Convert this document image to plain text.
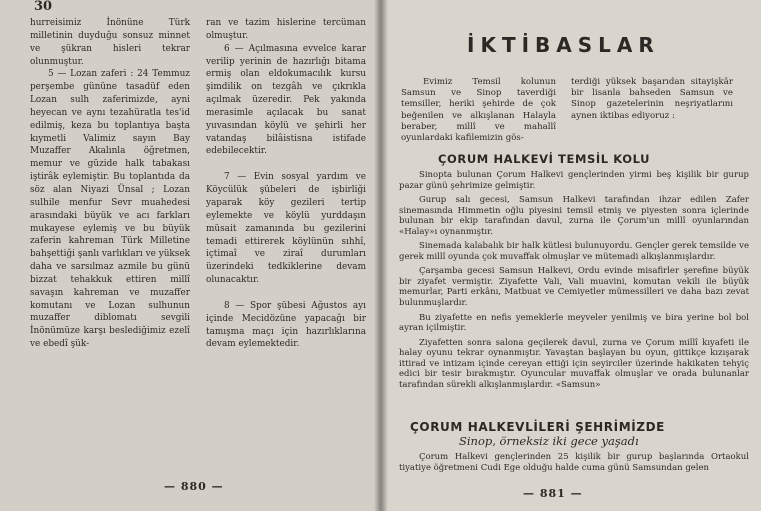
30

hurreisimiz İnönüne Türk milletinin duyduğu sonsuz minnet ve şükran hisleri tekrar olunmuştur.

5 — Lozan zaferi : 24 Temmuz perşembe gününe tasadüf eden Lozan sulh zaferimizde, ayni heyecan ve aynı tezahüratla tes'id edilmiş, keza bu toplantıya başta kıymetli Valimiz sayın Bay Muzaffer Akalınla öğretmen, memur ve güzide halk tabakası iştirâk eylemiştir. Bu toplantıda da söz alan Niyazi Ünsal ; Lozan sulhile menfur Sevr muahedesi arasındaki büyük ve acı farkları mukayese eylemiş ve bu büyük zaferin kahreman Türk Milletine bahşettiği şanlı varlıkları ve yüksek daha ve sarsılmaz azmile bu günü bizzat tehakkuk ettiren millî savaşın kahreman ve muzaffer komutanı ve Lozan sulhunun muzaffer diblomatı sevgili İnönümüze karşı beslediğimiz ezelî ve ebedî şük-

ran ve tazim hislerine tercüman olmuştur.

6 — Açılmasına evvelce karar verilip yerinin de hazırlığı bitama ermiş olan eldokumacılık kursu şimdilik on tezgâh ve çıkrıkla açılmak üzeredir. Pek yakında merasimle açılacak bu sanat yuvasından köylü ve şehirli her vatandaş bilâistisna istifade edebilecektir.

7 — Evin sosyal yardım ve Köycülük şübeleri de işbirliği yaparak köy gezileri tertip eylemekte ve köylü yurddaşın müsait zamanında bu gezilerini temadi ettirerek köylünün sıhhî, içtimaî ve ziraî durumları üzerindeki tedkiklerine devam olunacaktır.

8 — Spor şübesi Ağustos ayı içinde Mecidözüne yapacağı bir tamışma maçı için hazırlıklarına devam eylemektedir.

— 880 —
İKTİBASLAR

Evimiz Temsil kolunun Samsun ve Sinop taverdiği temsiller, heriki şehirde de çok beğenilen ve alkışlanan Halayla beraber, millî ve mahallî oyunlardaki kafilemizin gös-

terdiği yüksek başarıdan sitayişkâr bir lisanla bahseden Samsun ve Sinop gazetelerinin neşriyatlarını aynen iktibas ediyoruz :

ÇORUM HALKEVİ TEMSİL KOLU

Sinopta bulunan Çorum Halkevi gençlerinden yirmi beş kişilik bir gurup pazar günü şehrimize gelmiştir.

Gurup salı gecesi, Samsun Halkevi tarafından ihzar edilen Zafer sinemasında Himmetin oğlu piyesini temsil etmiş ve piyesten sonra içlerinde bulunan bir ekip tarafından davul, zurna ile Çorum'un millî oyunlarından «Halay»ı oynanmıştır.

Sinemada kalabalık bir halk kütlesi bulunuyordu. Gençler gerek temsilde ve gerek millî oyunda çok muvaffak olmuşlar ve mütemadi alkışlanmışlardır.

Çarşamba gecesi Samsun Halkevi, Ordu evinde misafirler şerefine büyük bir ziyafet vermiştir. Ziyafette Vali, Vali muavini, komutan vekili ile büyük memurlar, Parti erkânı, Matbuat ve Cemiyetler mümessilleri ve daha bazı zevat bulunmuşlardır.

Bu ziyafette en nefis yemeklerle meyveler yenilmiş ve bira yerine bol bol ayran içilmiştir.

Ziyafetten sonra salona geçilerek davul, zurna ve Çorum millî kıyafeti ile halay oyunu tekrar oynanmıştır. Yavaştan başlayan bu oyun, gittikçe kızışarak ittirad ve intizam içinde cereyan ettiği için seyirciler üzerinde hakikaten tehyiç edici bir tesir bırakmıştır. Oyuncular muvaffak olmuşlar ve orada bulunanlar tarafından sürekli alkışlanmışlardır. «Samsun»

ÇORUM HALKEVLİLERİ ŞEHRİMİZDE
Sinop, örneksiz iki gece yaşadı

Çorum Halkevi gençlerinden 25 kişilik bir gurup başlarında Ortaokul tiyatiye öğretmeni Cudi Ege olduğu halde cuma günü Samsundan gelen

— 881 —
